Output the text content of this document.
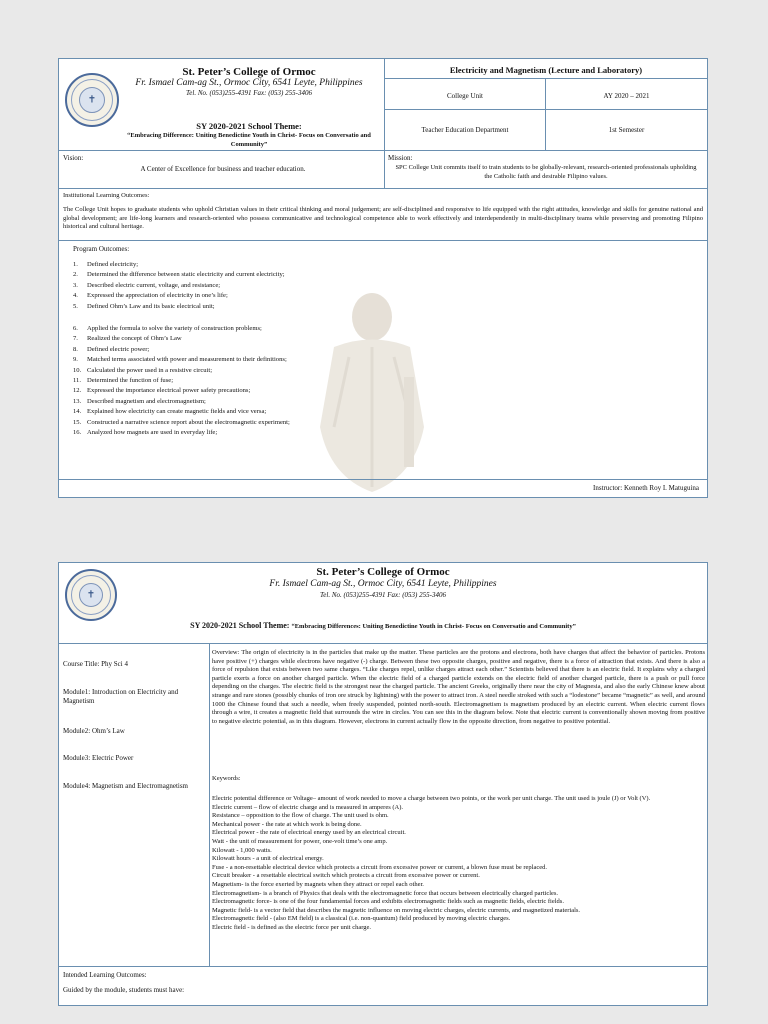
✝
St. Peter’s College of Ormoc
Fr. Ismael Cam-ag St., Ormoc City, 6541 Leyte, Philippines
Tel. No. (053)255-4391 Fax: (053) 255-3406
SY 2020-2021 School Theme:
“Embracing Difference: Uniting Benedictine Youth in Christ- Focus on Conversatio and Community”
Electricity and Magnetism (Lecture and Laboratory)
College Unit	AY 2020 – 2021
Teacher Education Department	1st Semester
Vision:
A Center of Excellence for business and teacher education.
Mission:
SPC College Unit commits itself to train students to be globally-relevant, research-oriented professionals upholding the Catholic faith and desirable Filipino values.
Institutional Learning Outcomes:
The College Unit hopes to graduate students who uphold Christian values in their critical thinking and moral judgement; are self-disciplined and responsive to life equipped with the right attitudes, knowledge and skills for genuine national and global development; are life-long learners and research-oriented who possess communicative and technological competence able to work effectively and interdependently in multi-disciplinary teams while preserving and promoting Filipino historical and cultural heritage.
Program Outcomes:
1. Defined electricity;
2. Determined the difference between static electricity and current electricity;
3. Described electric current, voltage, and resistance;
4. Expressed the appreciation of electricity in one’s life;
5. Defined Ohm’s Law and its basic electrical unit;
6. Applied the formula to solve the variety of construction problems;
7. Realized the concept of Ohm’s Law
8. Defined electric power;
9. Matched terms associated with power and measurement to their definitions;
10. Calculated the power used in a resistive circuit;
11. Determined the function of fuse;
12. Expressed the importance electrical power safety precautions;
13. Described magnetism and electromagnetism;
14. Explained how electricity can create magnetic fields and vice versa;
15. Constructed a narrative science report about the electromagnetic experiment;
16. Analyzed how magnets are used in everyday life;
Instructor: Kenneth Roy I. Matuguina
✝
St. Peter’s College of Ormoc
Fr. Ismael Cam-ag St., Ormoc City, 6541 Leyte, Philippines
Tel. No. (053)255-4391 Fax: (053) 255-3406
SY 2020-2021 School Theme: “Embracing Differences: Uniting Benedictine Youth in Christ- Focus on Conversatio and Community”
Course Title: Phy Sci 4
Module1: Introduction on Electricity and Magnetism
Module2: Ohm’s Law
Module3: Electric Power
Module4: Magnetism and Electromagnetism
Overview: The origin of electricity is in the particles that make up the matter. These particles are the protons and electrons, both have charges that affect the behavior of particles. Protons have positive (+) charges while electrons have negative (-) charge. Between these two opposite charges, positive and negative, there is a force of attraction that exists. And there is also a force of repulsion that exists between two same charges. “Like charges repel, unlike charges attract each other.” Scientists believed that there is an electric field. It explains why a charged particle exerts a force on another charged particle. When the electric field of a charged particle extends on the electric field of another charged particle, there is a push or pull force depending on the charges. The electric field is the strongest near the charged particle. The ancient Greeks, originally there near the city of Magnesia, and also the early Chinese knew about strange and rare stones (possibly chunks of iron ore struck by lightning) with the power to attract iron. A steel needle stroked with such a “lodestone” became “magnetic” as well, and around 1000 the Chinese found that such a needle, when freely suspended, pointed north-south. Electromagnetism is magnetism produced by an electric current. When electric current flows through a wire, it creates a magnetic field that surrounds the wire in circles. You can see this in the diagram below. Note that electric current is conventionally shown moving from positive to negative electric potential, as in this diagram. However, electrons in current actually flow in the opposite direction, from negative to positive potential.
Keywords:

Electric potential difference or Voltage– amount of work needed to move a charge between two points, or the work per unit charge. The unit used is joule (J) or Volt (V).

Electric current – flow of electric charge and is measured in amperes (A).

Resistance – opposition to the flow of charge. The unit used is ohm.

Mechanical power - the rate at which work is being done.

Electrical power - the rate of electrical energy used by an electrical circuit.

Watt - the unit of measurement for power, one-volt time’s one amp.

Kilowatt - 1,000 watts.

Kilowatt hours - a unit of electrical energy.

Fuse - a non-resettable electrical device which protects a circuit from excessive power or current, a blown fuse must be replaced.

Circuit breaker - a resettable electrical switch which protects a circuit from excessive power or current.

Magnetism- is the force exerted by magnets when they attract or repel each other.

Electromagnetism- is a branch of Physics that deals with the electromagnetic force that occurs between electrically charged particles.

Electromagnetic force- is one of the four fundamental forces and exhibits electromagnetic fields such as magnetic fields, electric fields.

Magnetic field- is a vector field that describes the magnetic influence on moving electric charges, electric currents, and magnetized materials.

Electromagnetic field - (also EM field) is a classical (i.e. non-quantum) field produced by moving electric charges.

Electric field - is defined as the electric force per unit charge.

Intended Learning Outcomes:
Guided by the module, students must have:
